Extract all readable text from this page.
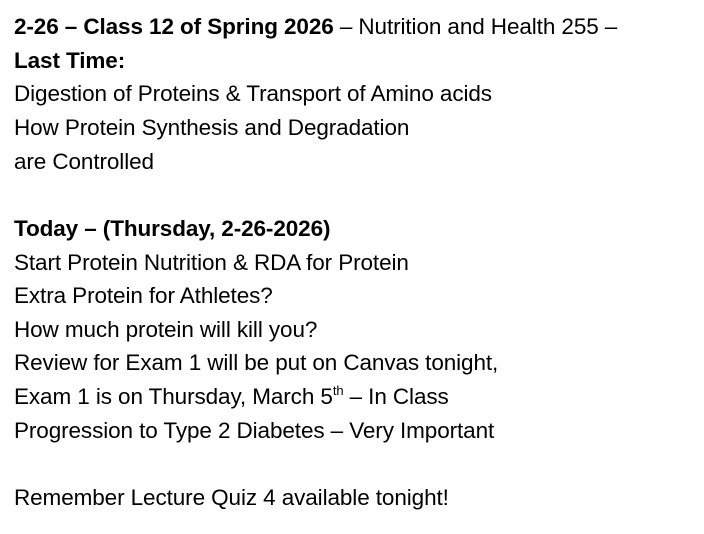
2-26 – Class 12 of Spring 2026 – Nutrition and Health 255 –
Last Time:
Digestion of Proteins & Transport of Amino acids
How Protein Synthesis and Degradation
are Controlled
Today – (Thursday, 2-26-2026)
Start Protein Nutrition & RDA for Protein
Extra Protein for Athletes?
How much protein will kill you?
Review for Exam 1 will be put on Canvas tonight,
Exam 1 is on Thursday, March 5th – In Class
Progression to Type 2 Diabetes – Very Important
Remember Lecture Quiz 4 available tonight!
